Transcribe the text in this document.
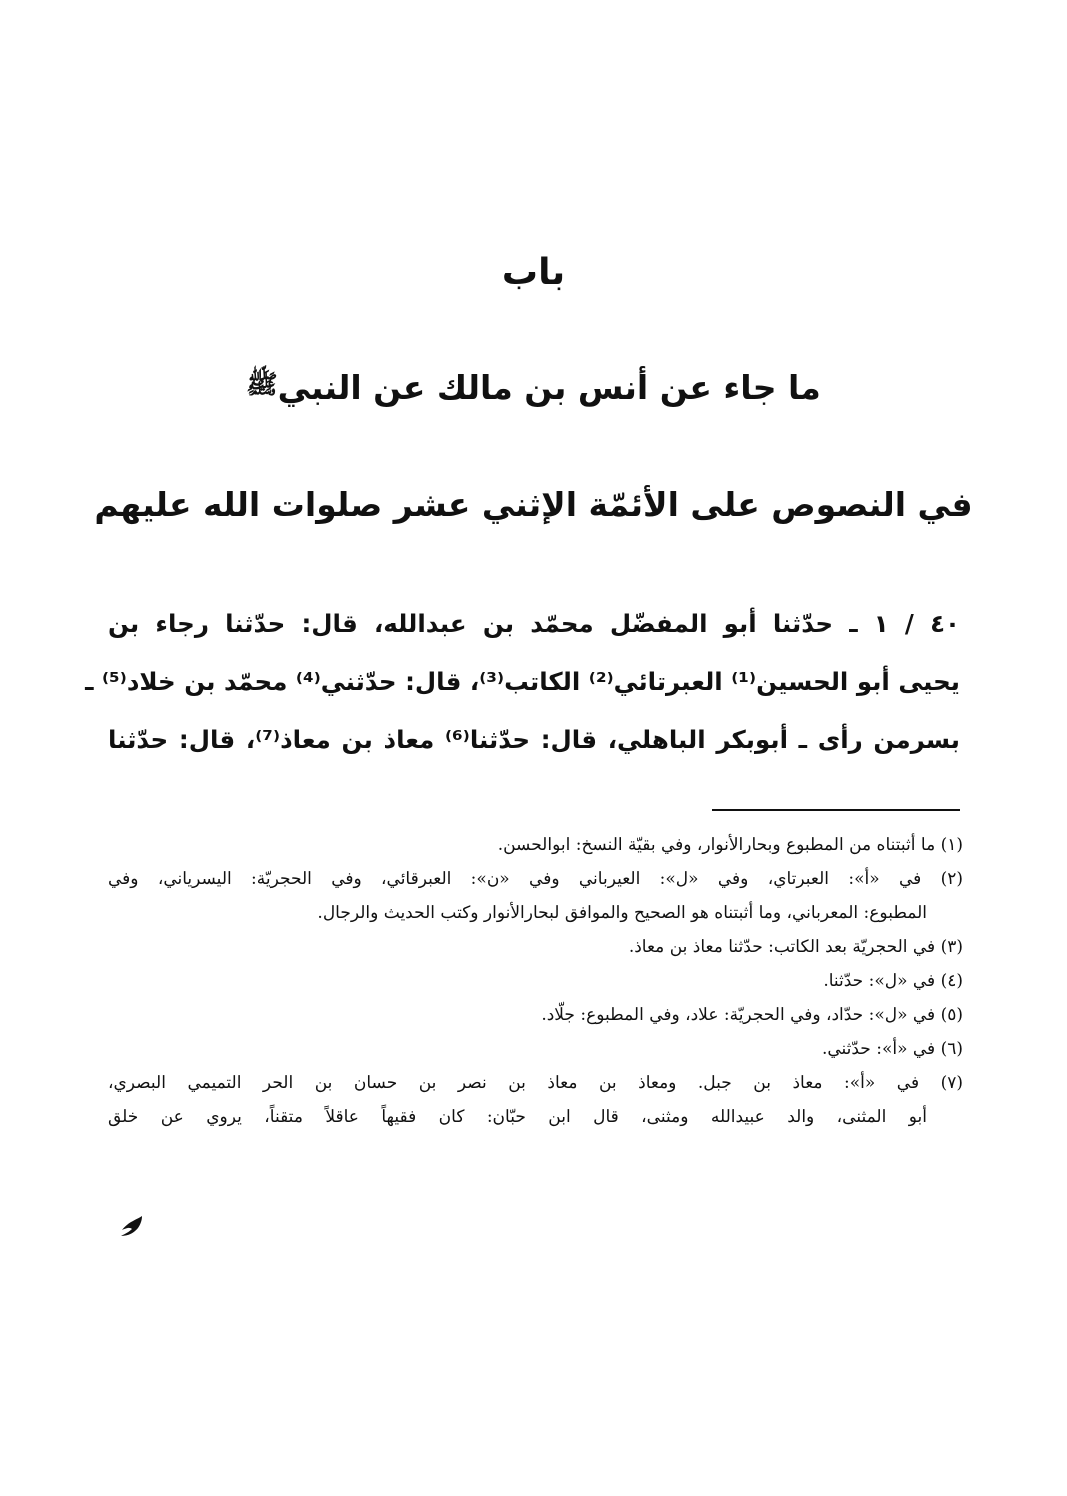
باب
ما جاء عن أنس بن مالك عن النبيﷺ
في النصوص على الأئمّة الإثني عشر صلوات الله عليهم
٤٠ / ١ ـ حدّثنا أبو المفضّل محمّد بن عبدالله، قال: حدّثنا رجاء بن
يحيى أبو الحسين⁽¹⁾ العبرتائي⁽²⁾ الكاتب⁽³⁾، قال: حدّثني⁽⁴⁾ محمّد بن خلاد⁽⁵⁾ ـ
بسرمن رأى ـ أبوبكر الباهلي، قال: حدّثنا⁽⁶⁾ معاذ بن معاذ⁽⁷⁾، قال: حدّثنا
(١) ما أثبتناه من المطبوع وبحارالأنوار، وفي بقيّة النسخ: ابوالحسن.
(٢) في «أ»: العبرتاي، وفي «ل»: العيرباني وفي «ن»: العبرقائي، وفي الحجريّة: اليسرياني، وفي
المطبوع: المعرباني، وما أثبتناه هو الصحيح والموافق لبحارالأنوار وكتب الحديث والرجال.
(٣) في الحجريّة بعد الكاتب: حدّثنا معاذ بن معاذ.
(٤) في «ل»: حدّثنا.
(٥) في «ل»: حدّاد، وفي الحجريّة: علاد، وفي المطبوع: جلّاد.
(٦) في «أ»: حدّثني.
(٧) في «أ»: معاذ بن جبل. ومعاذ بن معاذ بن نصر بن حسان بن الحر التميمي البصري،
أبو المثنى، والد عبيدالله ومثنى، قال ابن حبّان: كان فقيهاً عاقلاً متقناً، يروي عن خلق
